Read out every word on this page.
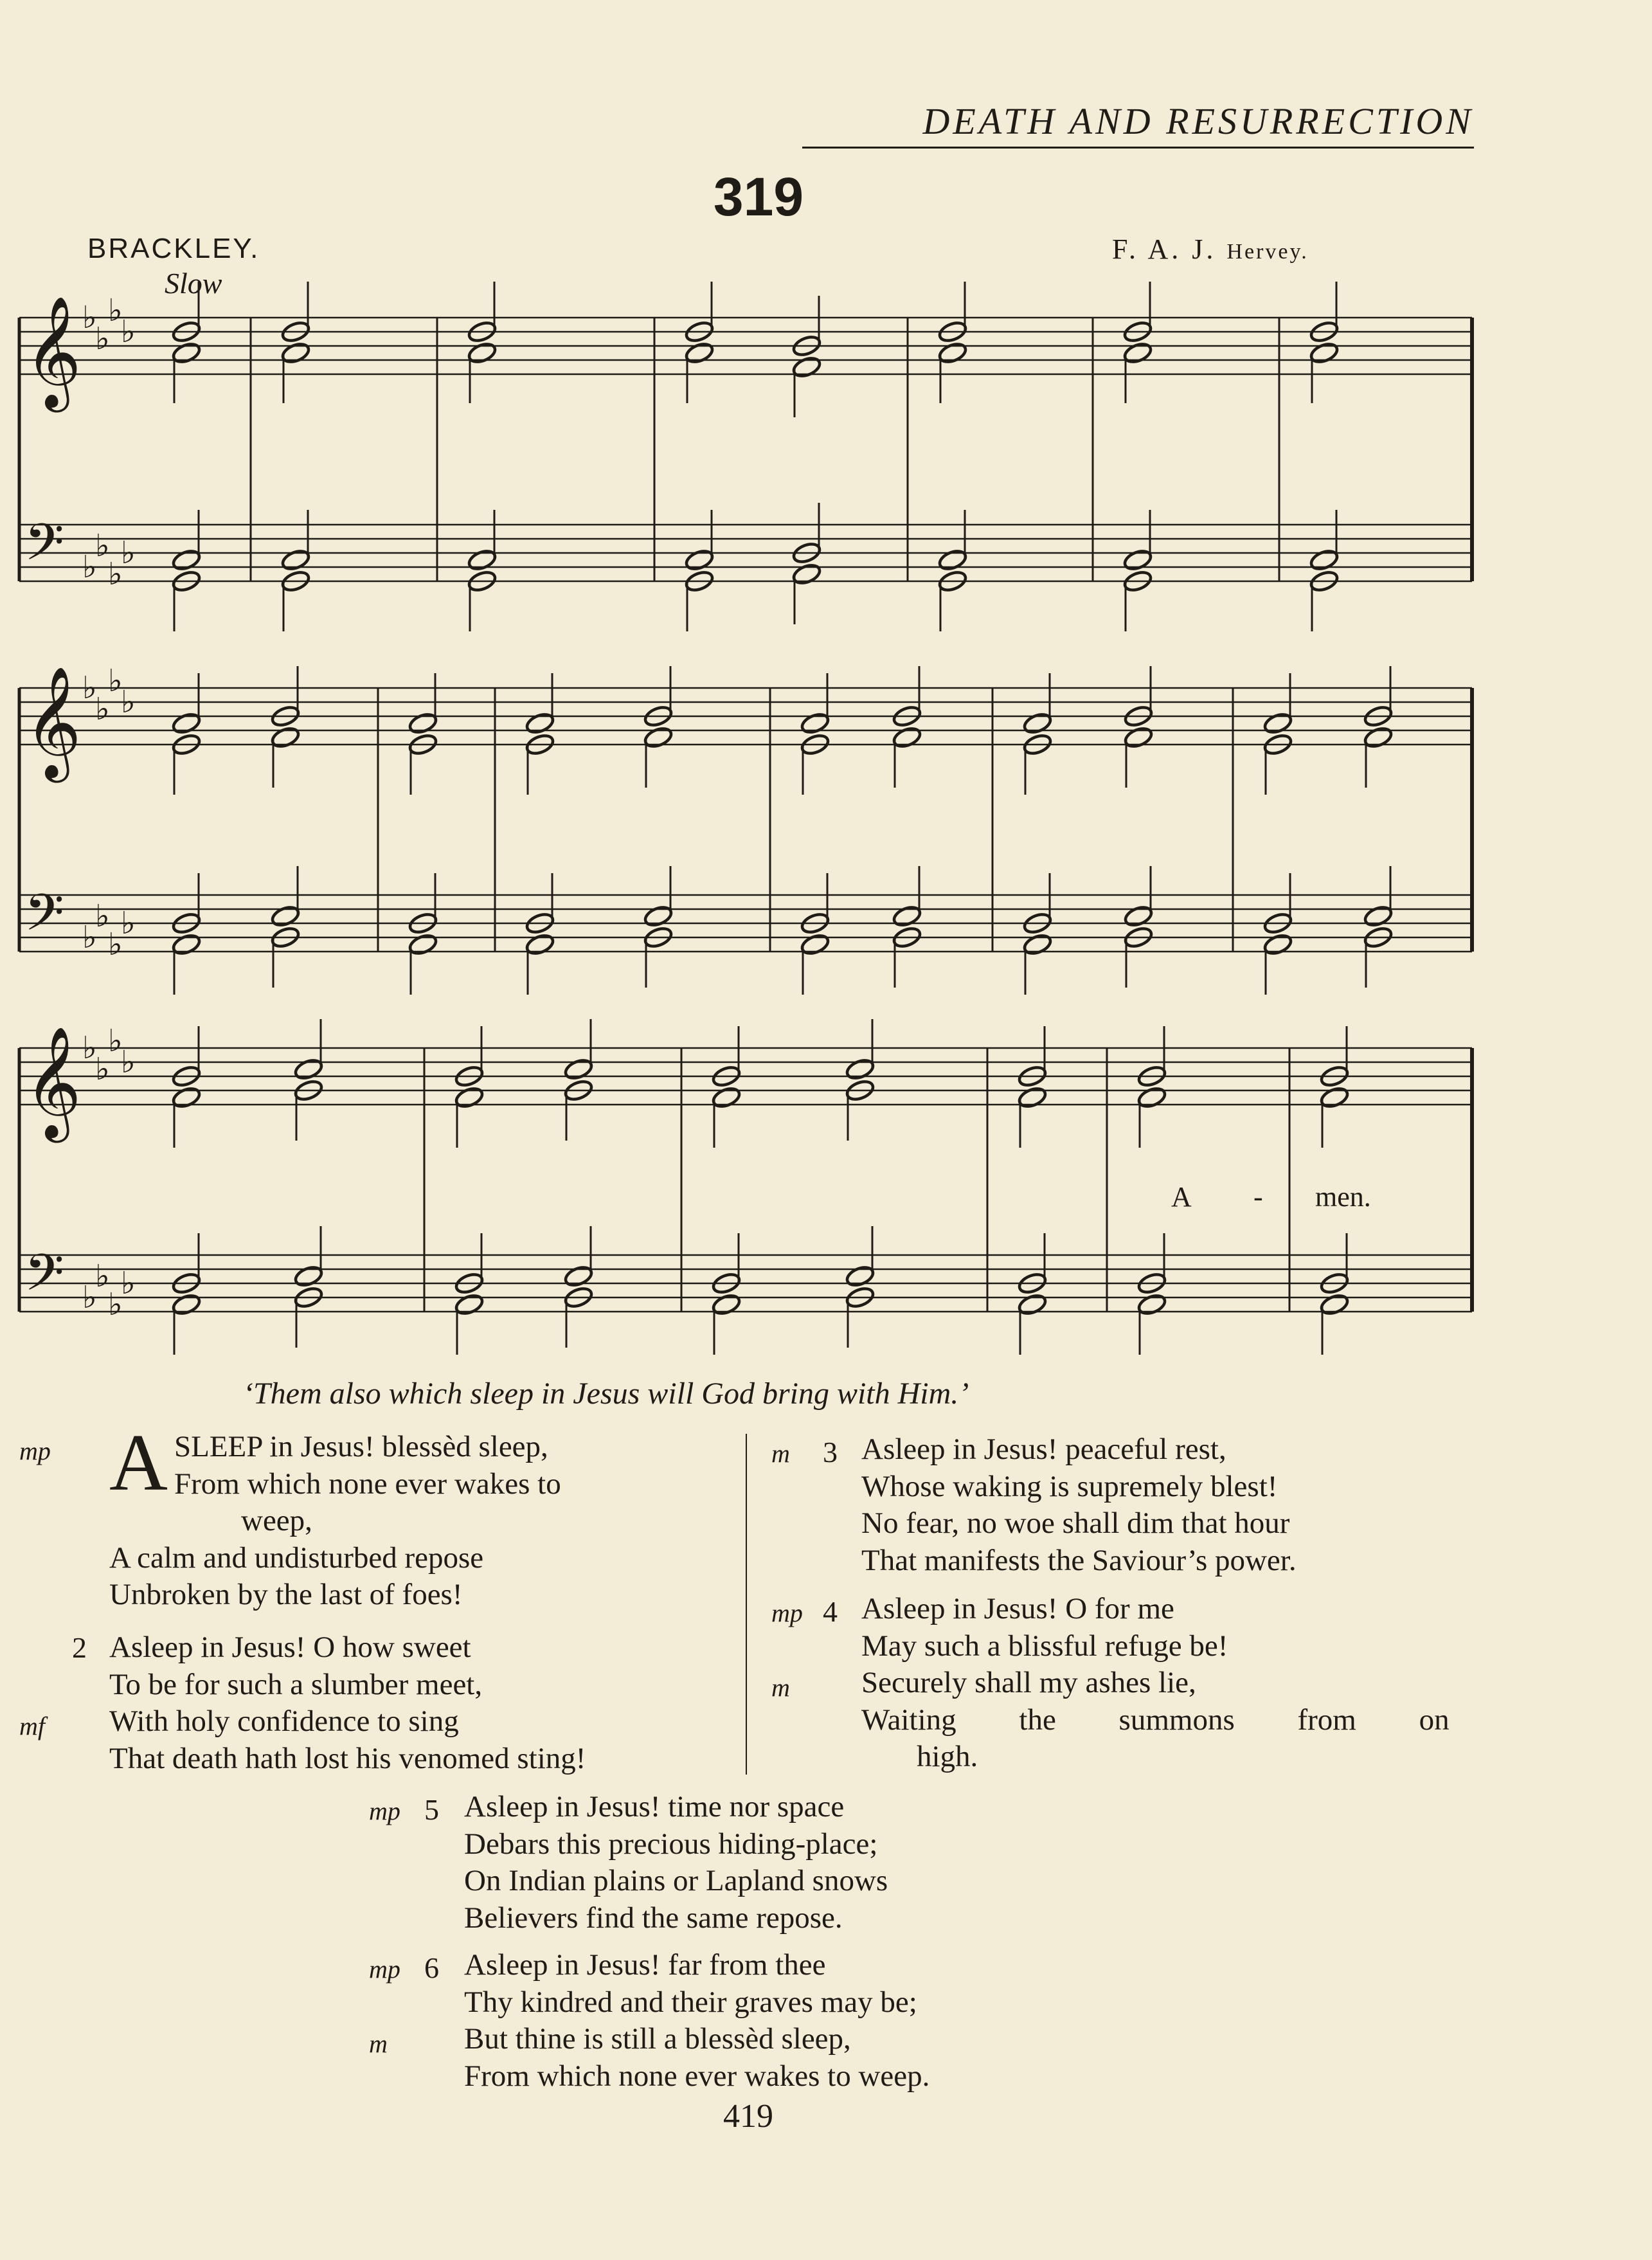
DEATH AND RESURRECTION
319
BRACKLEY.	F. A. J. Hervey.
Slow
𝄞 ♭
♭
♭
♭
𝄢 ♭
♭
♭
♭
𝄞 ♭
♭
♭
♭
𝄢 ♭
♭
♭
♭
𝄞 ♭
♭
♭
♭
𝄢 ♭
♭
♭
♭
A - men.
‘Them also which sleep in Jesus will God bring with Him.’
mp A SLEEP in Jesus! blessèd sleep,
From which none ever wakes to
weep,
A calm and undisturbed repose
Unbroken by the last of foes!
2
mf
Asleep in Jesus! O how sweet
To be for such a slumber meet,
With holy confidence to sing
That death hath lost his venomed sting!
m 3 Asleep in Jesus! peaceful rest,
Whose waking is supremely blest!
No fear, no woe shall dim that hour
That manifests the Saviour’s power.
mp 4
m
Asleep in Jesus! O for me
May such a blissful refuge be!
Securely shall my ashes lie,
Waiting the summons from on
high.
mp 5 Asleep in Jesus! time nor space
Debars this precious hiding-place;
On Indian plains or Lapland snows
Believers find the same repose.
mp 6
m
Asleep in Jesus! far from thee
Thy kindred and their graves may be;
But thine is still a blessèd sleep,
From which none ever wakes to weep.
419
